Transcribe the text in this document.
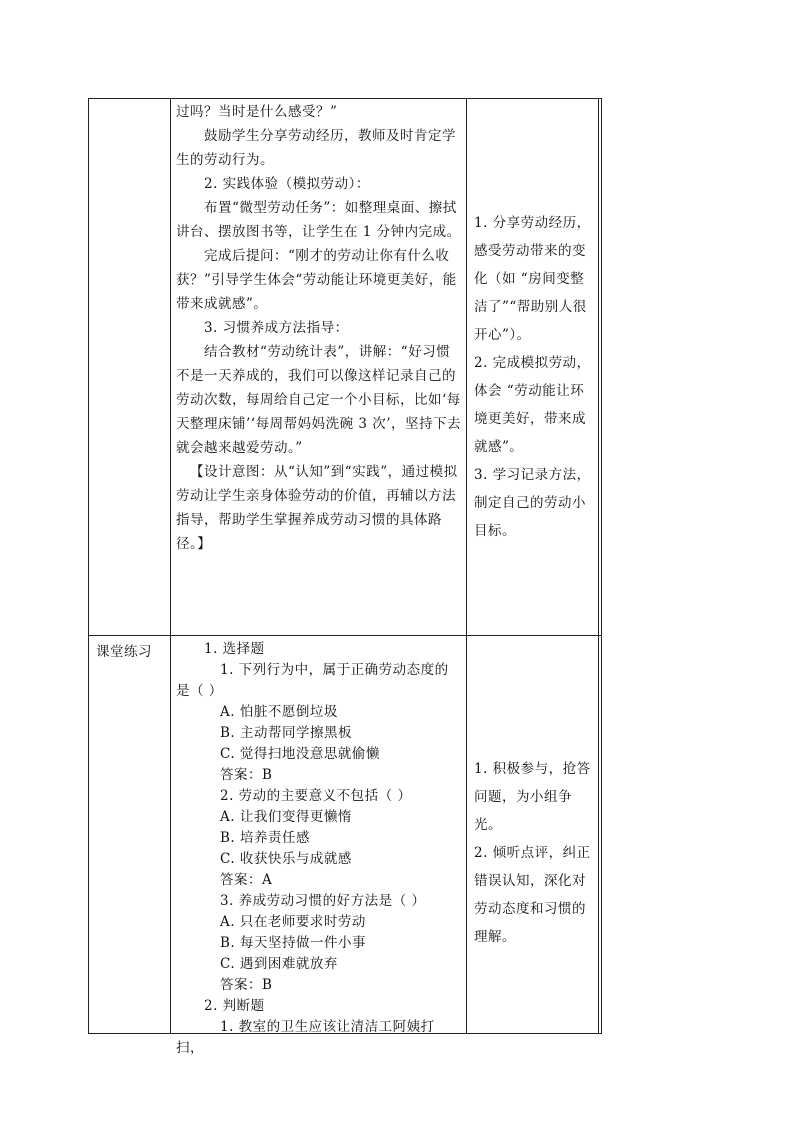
过吗？当时是什么感受？”

鼓励学生分享劳动经历，教师及时肯定学生的劳动行为。

2. 实践体验（模拟劳动）：

布置“微型劳动任务”：如整理桌面、擦拭讲台、摆放图书等，让学生在 1 分钟内完成。

完成后提问：“刚才的劳动让你有什么收获？”引导学生体会“劳动能让环境更美好，能带来成就感”。

3. 习惯养成方法指导：

结合教材“劳动统计表”，讲解：“好习惯不是一天养成的，我们可以像这样记录自己的劳动次数，每周给自己定一个小目标，比如‘每天整理床铺’‘每周帮妈妈洗碗 3 次’，坚持下去就会越来越爱劳动。”

【设计意图：从“认知”到“实践”，通过模拟劳动让学生亲身体验劳动的价值，再辅以方法指导，帮助学生掌握养成劳动习惯的具体路径。】

1. 分享劳动经历，感受劳动带来的变化（如 “房间变整洁了”“帮助别人很开心”）。

2. 完成模拟劳动，体会 “劳动能让环境更美好，带来成就感”。

3. 学习记录方法，制定自己的劳动小目标。

课堂练习	1. 选择题

1. 下列行为中，属于正确劳动态度的是（ ）

A. 怕脏不愿倒垃圾

B. 主动帮同学擦黑板

C. 觉得扫地没意思就偷懒

答案：B

2. 劳动的主要意义不包括（ ）

A. 让我们变得更懒惰

B. 培养责任感

C. 收获快乐与成就感

答案：A

3. 养成劳动习惯的好方法是（ ）

A. 只在老师要求时劳动

B. 每天坚持做一件小事

C. 遇到困难就放弃

答案：B

2. 判断题

1. 教室的卫生应该让清洁工阿姨打扫，

1. 积极参与，抢答问题，为小组争光。

2. 倾听点评，纠正错误认知，深化对劳动态度和习惯的理解。
